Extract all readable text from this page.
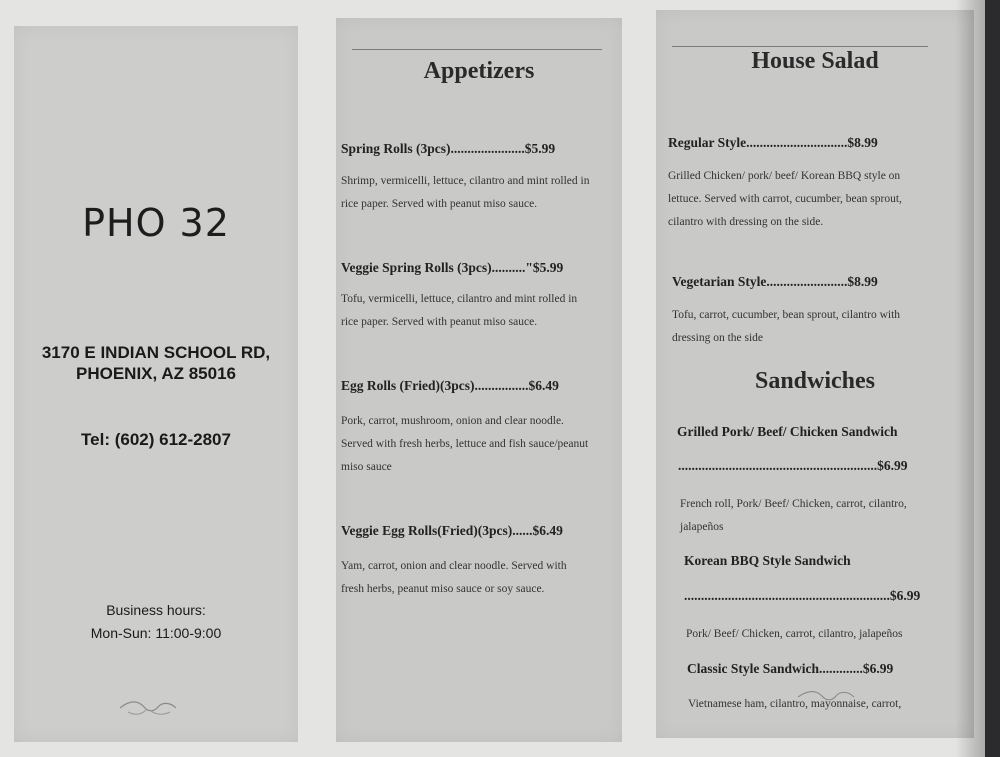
PHO 32
3170 E INDIAN SCHOOL RD,
PHOENIX, AZ 85016
Tel: (602) 612-2807
Business hours:
Mon-Sun: 11:00-9:00
Appetizers
Spring Rolls (3pcs)......................$5.99
Shrimp, vermicelli, lettuce, cilantro and mint rolled in
rice paper. Served with peanut miso sauce.
Veggie Spring Rolls (3pcs).........."$5.99
Tofu, vermicelli, lettuce, cilantro and mint rolled in
rice paper. Served with peanut miso sauce.
Egg Rolls (Fried)(3pcs)................$6.49
Pork, carrot, mushroom, onion and clear noodle.
Served with fresh herbs, lettuce and fish sauce/peanut
miso sauce
Veggie Egg Rolls(Fried)(3pcs)......$6.49
Yam, carrot, onion and clear noodle. Served with
fresh herbs, peanut miso sauce or soy sauce.
House Salad
Regular Style..............................$8.99
Grilled Chicken/ pork/ beef/ Korean BBQ style on
lettuce. Served with carrot, cucumber, bean sprout,
cilantro with dressing on the side.
Vegetarian Style........................$8.99
Tofu, carrot, cucumber, bean sprout, cilantro with
dressing on the side
Sandwiches
Grilled Pork/ Beef/ Chicken Sandwich
...........................................................$6.99
French roll, Pork/ Beef/ Chicken, carrot, cilantro,
jalapeños
Korean BBQ Style Sandwich
.............................................................$6.99
Pork/ Beef/ Chicken, carrot, cilantro, jalapeños
Classic Style Sandwich.............$6.99
Vietnamese ham, cilantro, mayonnaise, carrot,
